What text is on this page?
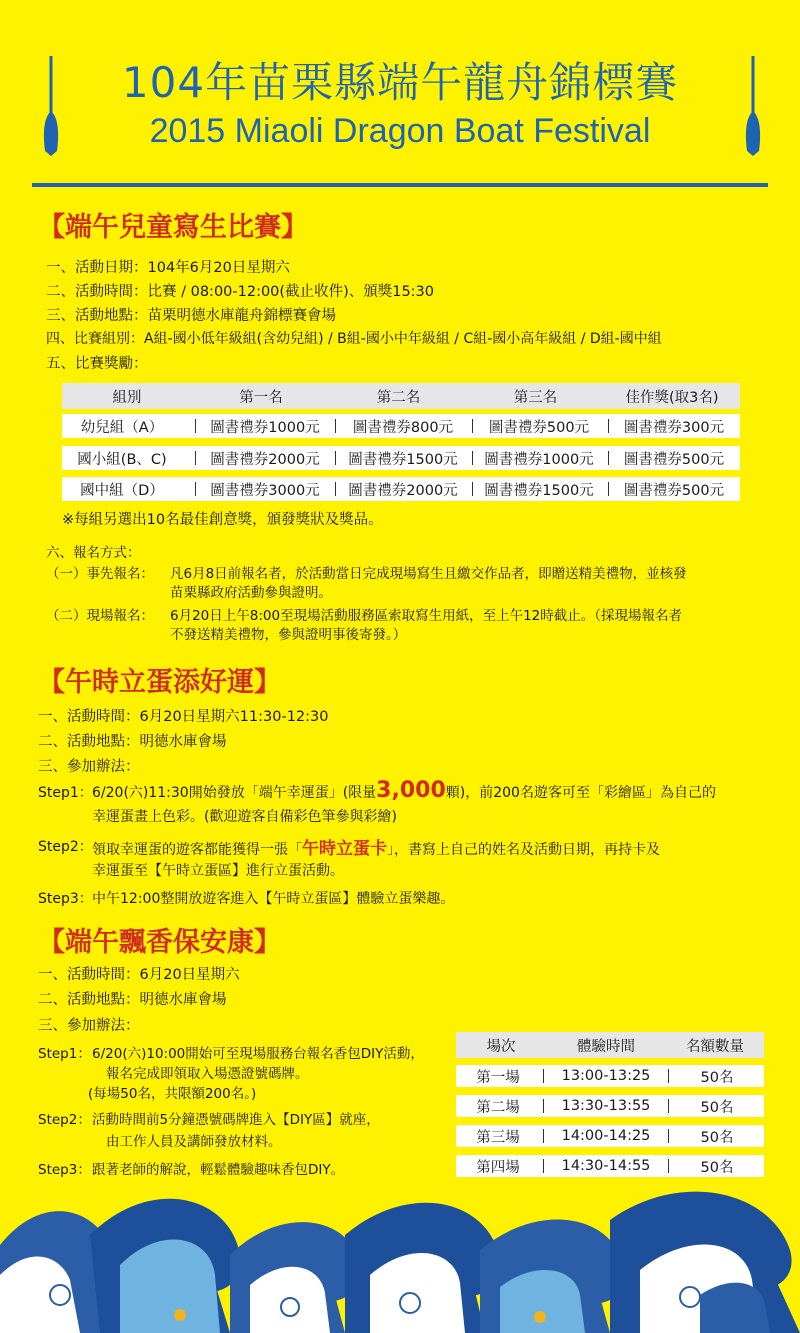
104年苗栗縣端午龍舟錦標賽
2015 Miaoli Dragon Boat Festival
【端午兒童寫生比賽】
一、活動日期：104年6月20日星期六
二、活動時間：比賽 / 08:00-12:00(截止收件)、頒獎15:30
三、活動地點：苗栗明德水庫龍舟錦標賽會場
四、比賽組別：A組-國小低年級組(含幼兒組) / B組-國小中年級組 / C組-國小高年級組 / D組-國中組
五、比賽獎勵：
組別	第一名	第二名	第三名	佳作獎(取3名)
幼兒組（A）	圖書禮券1000元	圖書禮券800元	圖書禮券500元	圖書禮券300元
國小組(B、C)	圖書禮券2000元	圖書禮券1500元	圖書禮券1000元	圖書禮券500元
國中組（D）	圖書禮券3000元	圖書禮券2000元	圖書禮券1500元	圖書禮券500元
※每組另選出10名最佳創意獎，頒發獎狀及獎品。
六、報名方式：
（一）事先報名： 凡6月8日前報名者，於活動當日完成現場寫生且繳交作品者，即贈送精美禮物，並核發
苗栗縣政府活動參與證明。
（二）現場報名： 6月20日上午8:00至現場活動服務區索取寫生用紙，至上午12時截止。（採現場報名者
不發送精美禮物，參與證明事後寄發。）
【午時立蛋添好運】
一、活動時間：6月20日星期六11:30-12:30
二、活動地點：明德水庫會場
三、參加辦法：
Step1： 6/20(六)11:30開始發放「端午幸運蛋」(限量3,000顆)，前200名遊客可至「彩繪區」為自己的
幸運蛋畫上色彩。(歡迎遊客自備彩色筆參與彩繪)
Step2： 領取幸運蛋的遊客都能獲得一張「午時立蛋卡」，書寫上自己的姓名及活動日期，再持卡及
幸運蛋至【午時立蛋區】進行立蛋活動。
Step3： 中午12:00整開放遊客進入【午時立蛋區】體驗立蛋樂趣。
【端午飄香保安康】
一、活動時間：6月20日星期六
二、活動地點：明德水庫會場
三、參加辦法：
Step1： 6/20(六)10:00開始可至現場服務台報名香包DIY活動，
報名完成即領取入場憑證號碼牌。
(每場50名，共限額200名。)
Step2： 活動時間前5分鐘憑號碼牌進入【DIY區】就座，
由工作人員及講師發放材料。
Step3： 跟著老師的解說，輕鬆體驗趣味香包DIY。
場次	體驗時間	名額數量
第一場	13:00-13:25	50名
第二場	13:30-13:55	50名
第三場	14:00-14:25	50名
第四場	14:30-14:55	50名
